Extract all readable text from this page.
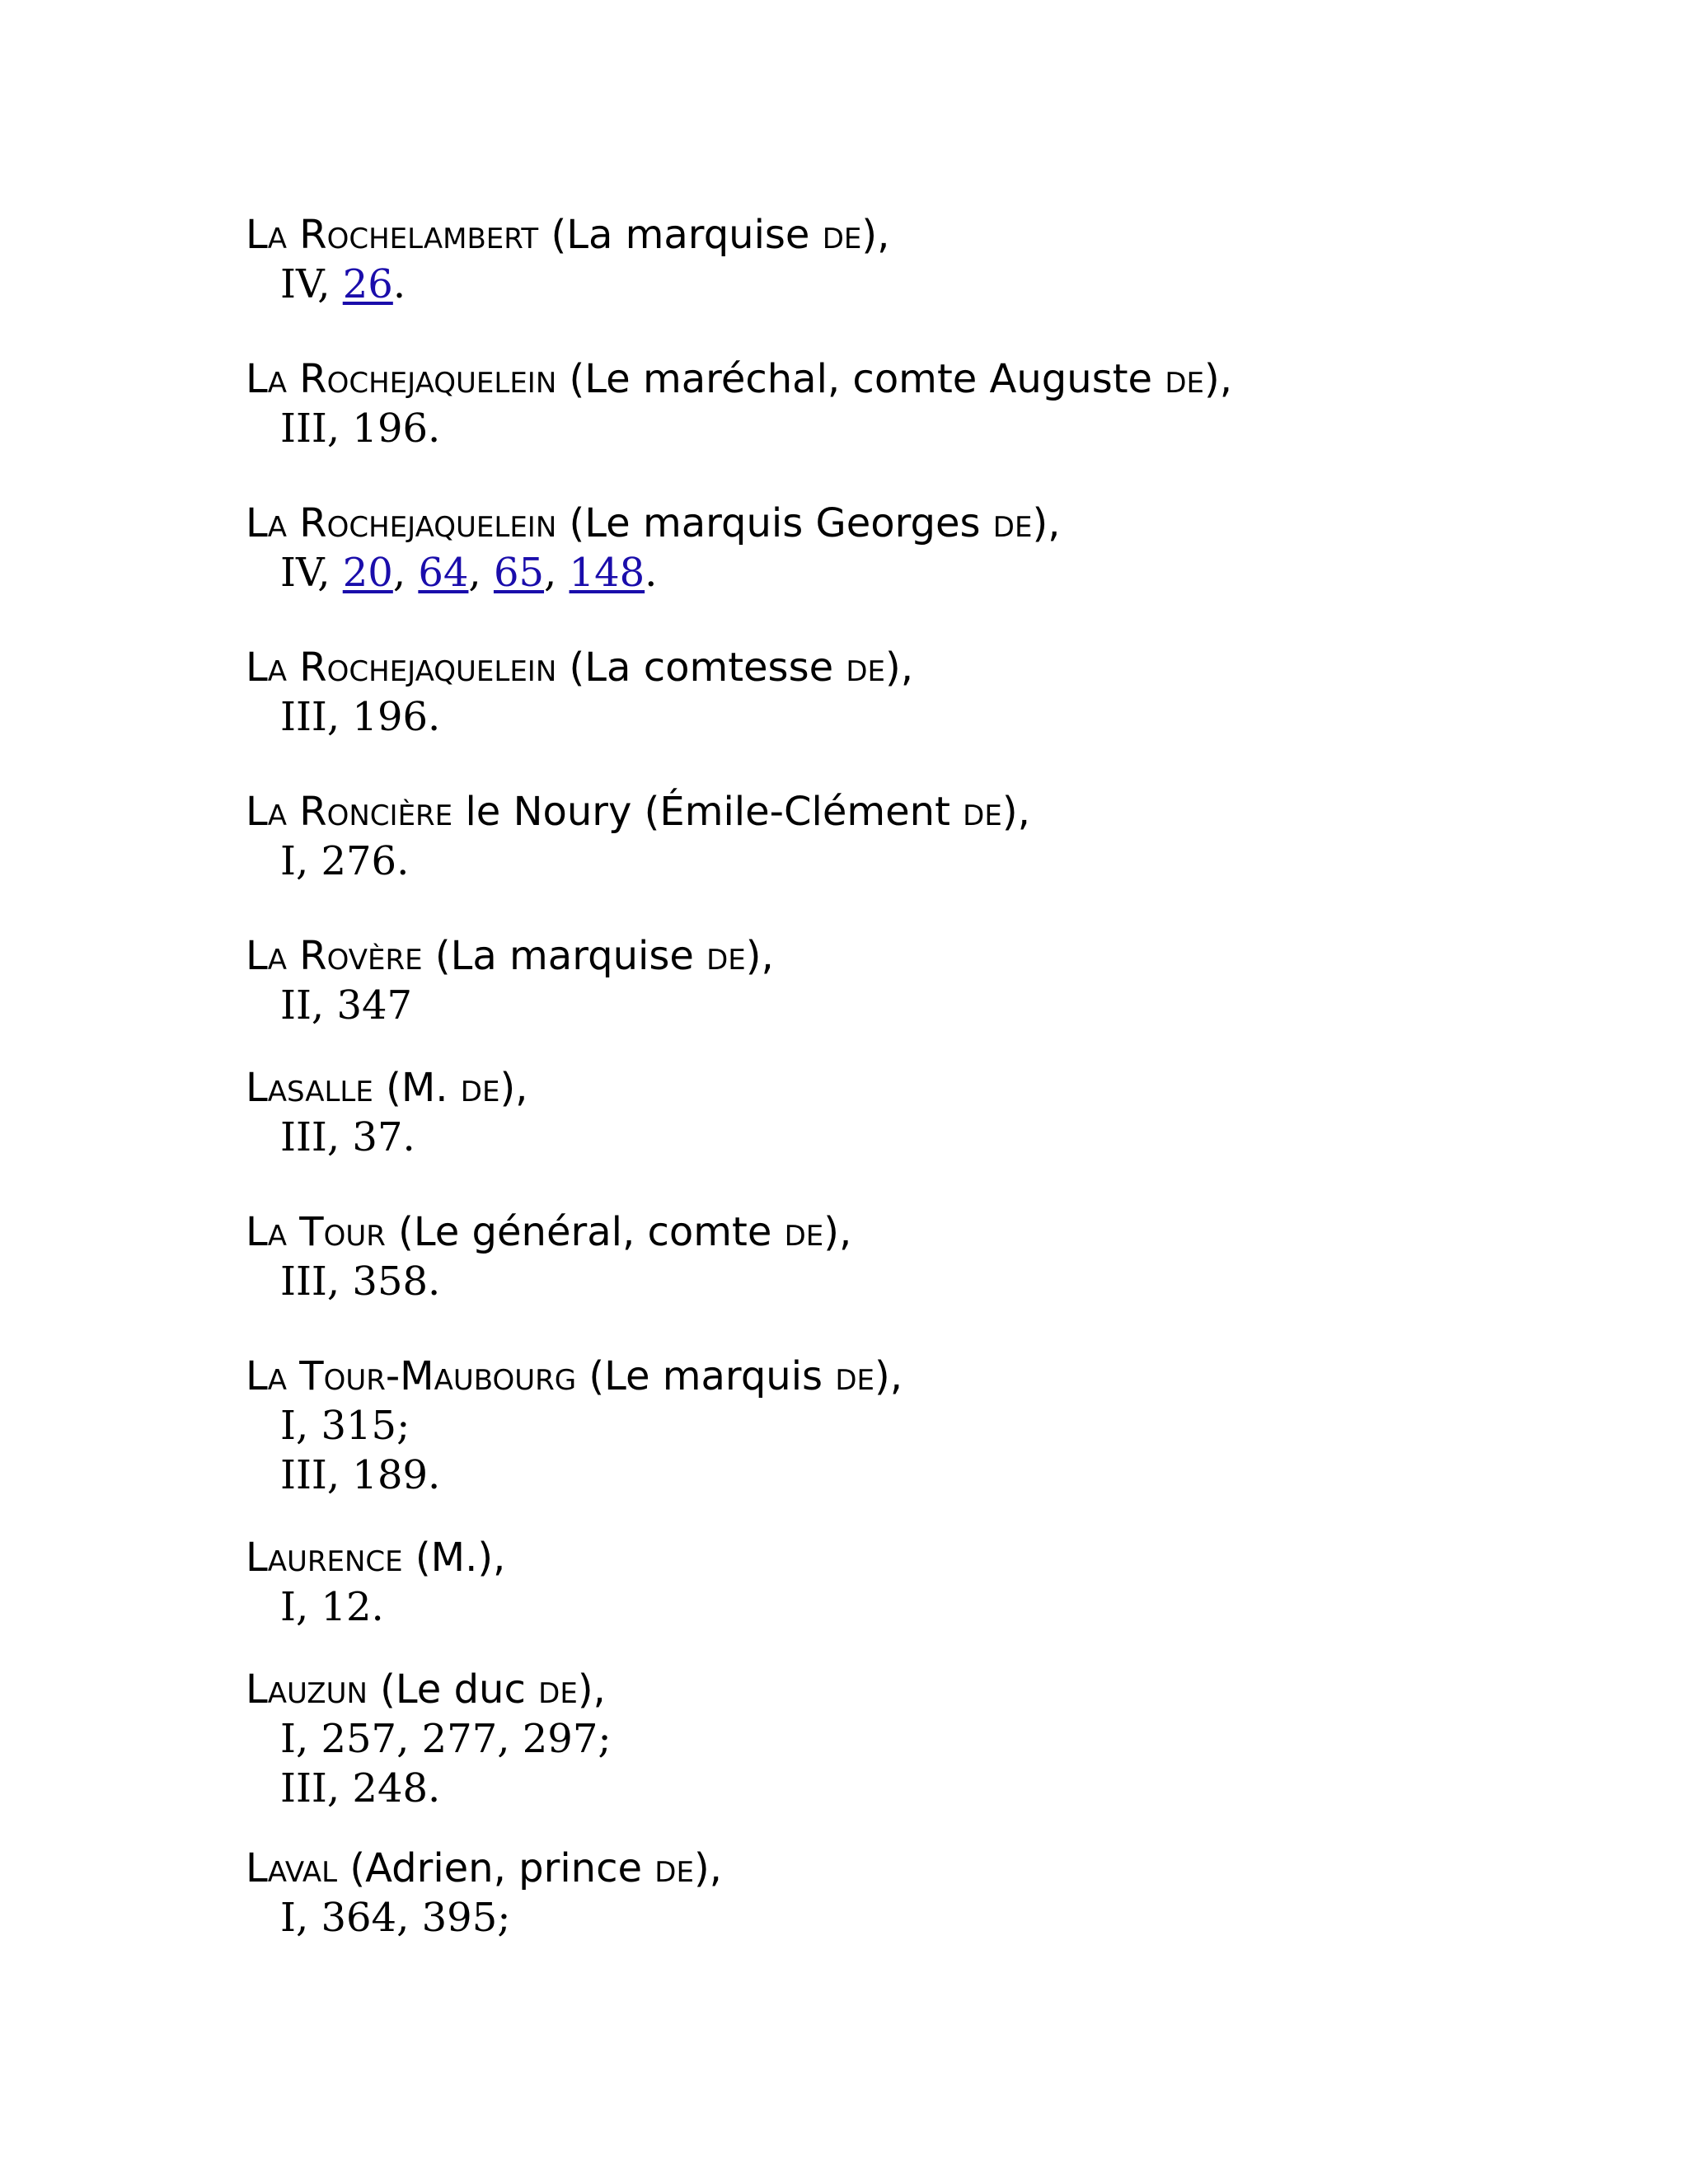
La Rochelambert (La marquise de),
IV, 26.
La Rochejaquelein (Le maréchal, comte Auguste de),
III, 196.
La Rochejaquelein (Le marquis Georges de),
IV, 20, 64, 65, 148.
La Rochejaquelein (La comtesse de),
III, 196.
La Roncière le Noury (Émile-Clément de),
I, 276.
La Rovère (La marquise de),
II, 347
Lasalle (M. de),
III, 37.
La Tour (Le général, comte de),
III, 358.
La Tour-Maubourg (Le marquis de),
I, 315;
III, 189.
Laurence (M.),
I, 12.
Lauzun (Le duc de),
I, 257, 277, 297;
III, 248.
Laval (Adrien, prince de),
I, 364, 395;
